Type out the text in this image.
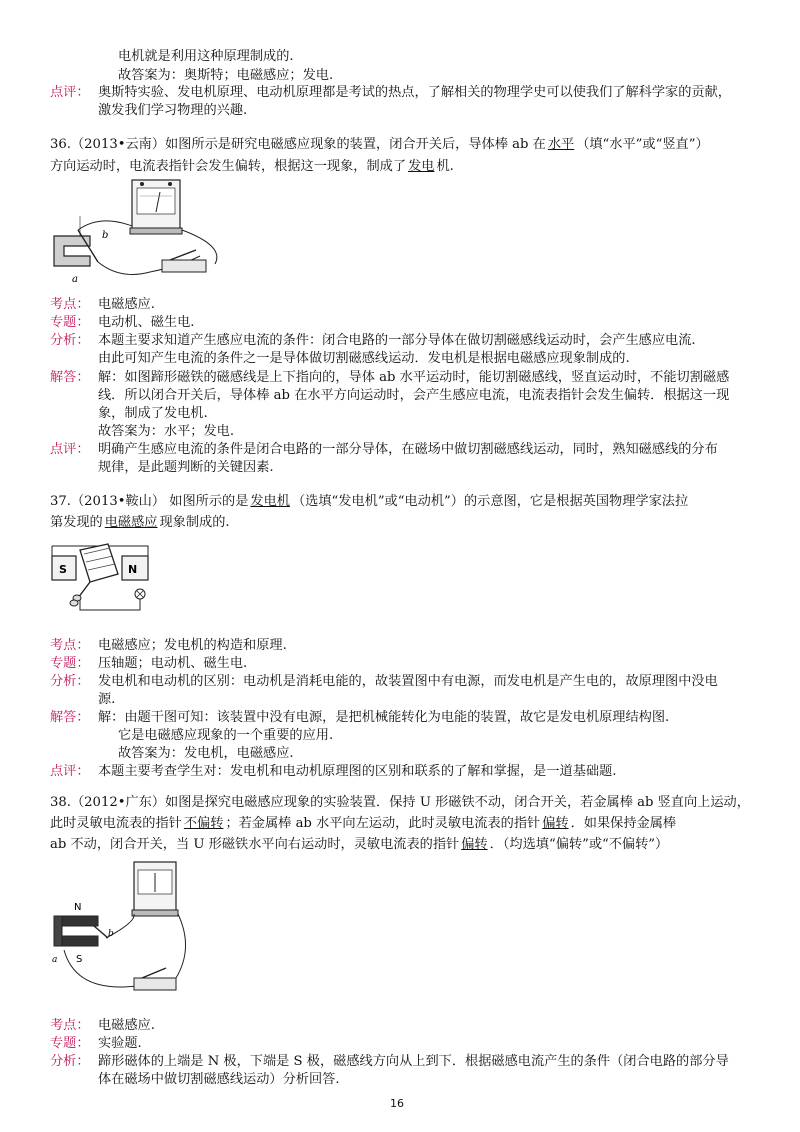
电机就是利用这种原理制成的.
故答案为：奥斯特；电磁感应；发电.
点评： 奥斯特实验、发电机原理、电动机原理都是考试的热点，了解相关的物理学史可以使我们了解科学家的贡献，
激发我们学习物理的兴趣.
36.（2013•云南）如图所示是研究电磁感应现象的装置，闭合开关后，导体棒 ab 在 水平 （填“水平”或“竖直”）
方向运动时，电流表指针会发生偏转，根据这一现象，制成了 发电 机.
a
b
考点： 电磁感应.
专题： 电动机、磁生电.
分析： 本题主要求知道产生感应电流的条件：闭合电路的一部分导体在做切割磁感线运动时，会产生感应电流.
由此可知产生电流的条件之一是导体做切割磁感线运动．发电机是根据电磁感应现象制成的.
解答： 解：如图蹄形磁铁的磁感线是上下指向的，导体 ab 水平运动时，能切割磁感线，竖直运动时，不能切割磁感
线．所以闭合开关后，导体棒 ab 在水平方向运动时，会产生感应电流，电流表指针会发生偏转．根据这一现
象，制成了发电机.
故答案为：水平；发电.
点评： 明确产生感应电流的条件是闭合电路的一部分导体，在磁场中做切割磁感线运动，同时，熟知磁感线的分布
规律，是此题判断的关键因素.
37.（2013•鞍山） 如图所示的是 发电机 （选填“发电机”或“电动机”）的示意图，它是根据英国物理学家法拉
第发现的 电磁感应 现象制成的.
S	N
考点： 电磁感应；发电机的构造和原理.
专题： 压轴题；电动机、磁生电.
分析： 发电机和电动机的区别：电动机是消耗电能的，故装置图中有电源，而发电机是产生电的，故原理图中没电
源.
解答： 解：由题干图可知：该装置中没有电源，是把机械能转化为电能的装置，故它是发电机原理结构图.
它是电磁感应现象的一个重要的应用.
故答案为：发电机，电磁感应.
点评： 本题主要考查学生对：发电机和电动机原理图的区别和联系的了解和掌握，是一道基础题.
38.（2012•广东）如图是探究电磁感应现象的实验装置．保持 U 形磁铁不动，闭合开关，若金属棒 ab 竖直向上运动，
此时灵敏电流表的指针 不偏转 ；若金属棒 ab 水平向左运动，此时灵敏电流表的指针 偏转 ．如果保持金属棒
ab 不动，闭合开关，当 U 形磁铁水平向右运动时，灵敏电流表的指针 偏转 ．（均选填“偏转”或“不偏转”）
N
S
a
b
考点： 电磁感应.
专题： 实验题.
分析： 蹄形磁体的上端是 N 极，下端是 S 极，磁感线方向从上到下．根据磁感电流产生的条件（闭合电路的部分导
体在磁场中做切割磁感线运动）分析回答.
16
